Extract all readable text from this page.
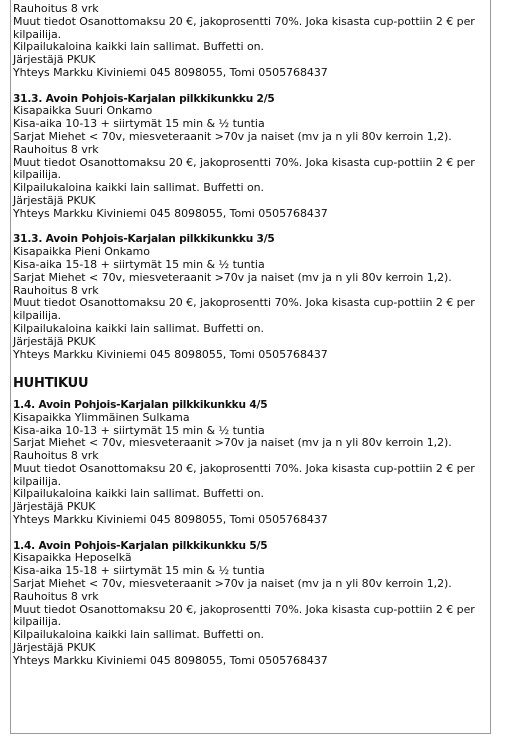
Rauhoitus 8 vrk
Muut tiedot Osanottomaksu 20 €, jakoprosentti 70%. Joka kisasta cup-pottiin 2 € per kilpailija.
Kilpailukaloina kaikki lain sallimat. Buffetti on.
Järjestäjä PKUK
Yhteys Markku Kiviniemi 045 8098055, Tomi 0505768437
31.3. Avoin Pohjois-Karjalan pilkkikunkku 2/5
Kisapaikka Suuri Onkamo
Kisa-aika 10-13 + siirtymät 15 min & ½ tuntia
Sarjat Miehet < 70v, miesveteraanit >70v ja naiset (mv ja n yli 80v kerroin 1,2).
Rauhoitus 8 vrk
Muut tiedot Osanottomaksu 20 €, jakoprosentti 70%. Joka kisasta cup-pottiin 2 € per kilpailija.
Kilpailukaloina kaikki lain sallimat. Buffetti on.
Järjestäjä PKUK
Yhteys Markku Kiviniemi 045 8098055, Tomi 0505768437
31.3. Avoin Pohjois-Karjalan pilkkikunkku 3/5
Kisapaikka Pieni Onkamo
Kisa-aika 15-18 + siirtymät 15 min & ½ tuntia
Sarjat Miehet < 70v, miesveteraanit >70v ja naiset (mv ja n yli 80v kerroin 1,2).
Rauhoitus 8 vrk
Muut tiedot Osanottomaksu 20 €, jakoprosentti 70%. Joka kisasta cup-pottiin 2 € per kilpailija.
Kilpailukaloina kaikki lain sallimat. Buffetti on.
Järjestäjä PKUK
Yhteys Markku Kiviniemi 045 8098055, Tomi 0505768437
HUHTIKUU
1.4. Avoin Pohjois-Karjalan pilkkikunkku 4/5
Kisapaikka Ylimmäinen Sulkama
Kisa-aika 10-13 + siirtymät 15 min & ½ tuntia
Sarjat Miehet < 70v, miesveteraanit >70v ja naiset (mv ja n yli 80v kerroin 1,2).
Rauhoitus 8 vrk
Muut tiedot Osanottomaksu 20 €, jakoprosentti 70%. Joka kisasta cup-pottiin 2 € per kilpailija.
Kilpailukaloina kaikki lain sallimat. Buffetti on.
Järjestäjä PKUK
Yhteys Markku Kiviniemi 045 8098055, Tomi 0505768437
1.4. Avoin Pohjois-Karjalan pilkkikunkku 5/5
Kisapaikka Heposelkä
Kisa-aika 15-18 + siirtymät 15 min & ½ tuntia
Sarjat Miehet < 70v, miesveteraanit >70v ja naiset (mv ja n yli 80v kerroin 1,2).
Rauhoitus 8 vrk
Muut tiedot Osanottomaksu 20 €, jakoprosentti 70%. Joka kisasta cup-pottiin 2 € per kilpailija.
Kilpailukaloina kaikki lain sallimat. Buffetti on.
Järjestäjä PKUK
Yhteys Markku Kiviniemi 045 8098055, Tomi 0505768437
